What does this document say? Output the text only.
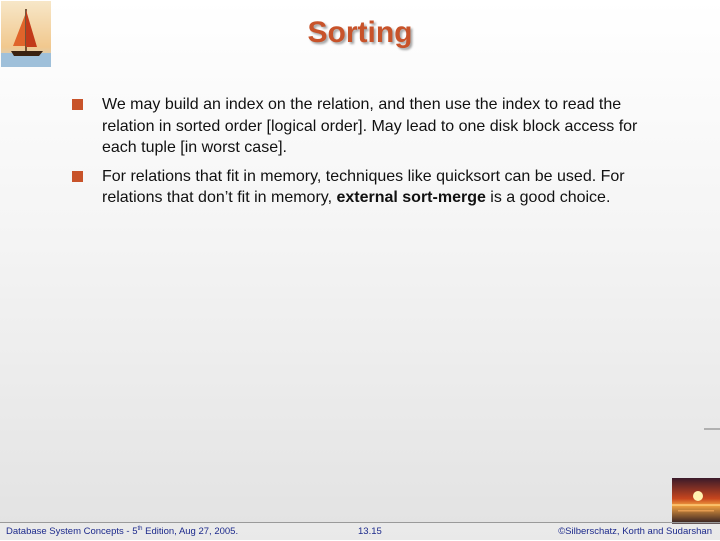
Sorting
We may build an index on the relation, and then use the index to read the relation in sorted order [logical order]. May lead to one disk block access for each tuple [in worst case].
For relations that fit in memory, techniques like quicksort can be used. For relations that don’t fit in memory, external sort-merge is a good choice.
Database System Concepts - 5th Edition, Aug 27, 2005.	13.15	©Silberschatz, Korth and Sudarshan
